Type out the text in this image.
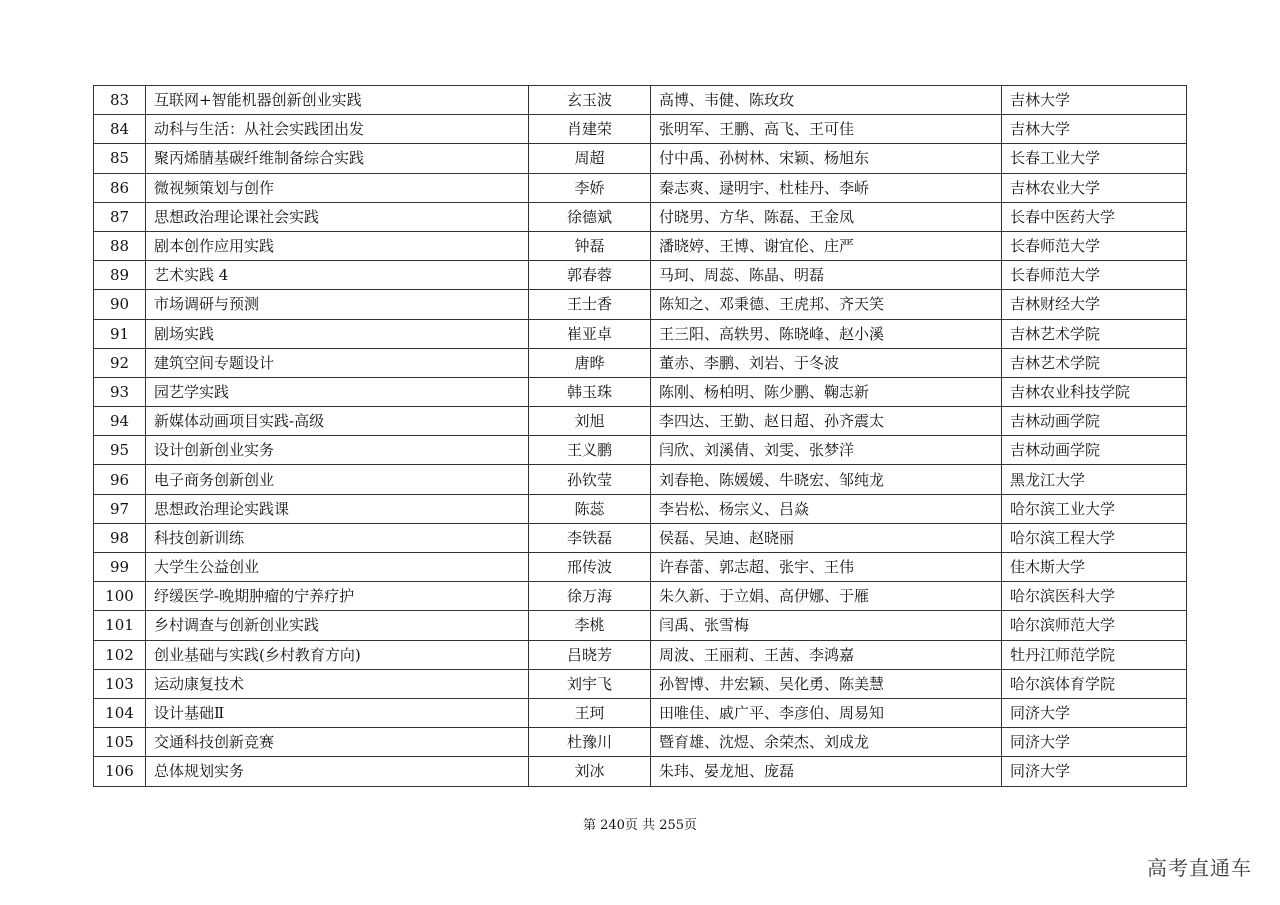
83	互联网+智能机器创新创业实践	玄玉波	高博、韦健、陈玫玫	吉林大学
84	动科与生活：从社会实践团出发	肖建荣	张明军、王鹏、高飞、王可佳	吉林大学
85	聚丙烯腈基碳纤维制备综合实践	周超	付中禹、孙树林、宋颖、杨旭东	长春工业大学
86	微视频策划与创作	李娇	秦志爽、逯明宇、杜桂丹、李峤	吉林农业大学
87	思想政治理论课社会实践	徐德斌	付晓男、方华、陈磊、王金凤	长春中医药大学
88	剧本创作应用实践	钟磊	潘晓婷、王博、谢宜伦、庄严	长春师范大学
89	艺术实践 4	郭春蓉	马珂、周蕊、陈晶、明磊	长春师范大学
90	市场调研与预测	王士香	陈知之、邓秉德、王虎邦、齐天笑	吉林财经大学
91	剧场实践	崔亚卓	王三阳、高轶男、陈晓峰、赵小溪	吉林艺术学院
92	建筑空间专题设计	唐晔	董赤、李鹏、刘岩、于冬波	吉林艺术学院
93	园艺学实践	韩玉珠	陈刚、杨柏明、陈少鹏、鞠志新	吉林农业科技学院
94	新媒体动画项目实践-高级	刘旭	李四达、王勤、赵日超、孙齐震太	吉林动画学院
95	设计创新创业实务	王义鹏	闫欣、刘溪倩、刘雯、张梦洋	吉林动画学院
96	电子商务创新创业	孙钦莹	刘春艳、陈媛媛、牛晓宏、邹纯龙	黑龙江大学
97	思想政治理论实践课	陈蕊	李岩松、杨宗义、吕焱	哈尔滨工业大学
98	科技创新训练	李铁磊	侯磊、吴迪、赵晓丽	哈尔滨工程大学
99	大学生公益创业	邢传波	许春蕾、郭志超、张宇、王伟	佳木斯大学
100	纾缓医学-晚期肿瘤的宁养疗护	徐万海	朱久新、于立娟、高伊娜、于雁	哈尔滨医科大学
101	乡村调查与创新创业实践	李桃	闫禹、张雪梅	哈尔滨师范大学
102	创业基础与实践(乡村教育方向)	吕晓芳	周波、王丽莉、王茜、李鸿嘉	牡丹江师范学院
103	运动康复技术	刘宇飞	孙智博、井宏颖、吴化勇、陈美慧	哈尔滨体育学院
104	设计基础Ⅱ	王珂	田唯佳、戚广平、李彦伯、周易知	同济大学
105	交通科技创新竞赛	杜豫川	暨育雄、沈煜、余荣杰、刘成龙	同济大学
106	总体规划实务	刘冰	朱玮、晏龙旭、庞磊	同济大学
第 240页 共 255页
高考直通车
